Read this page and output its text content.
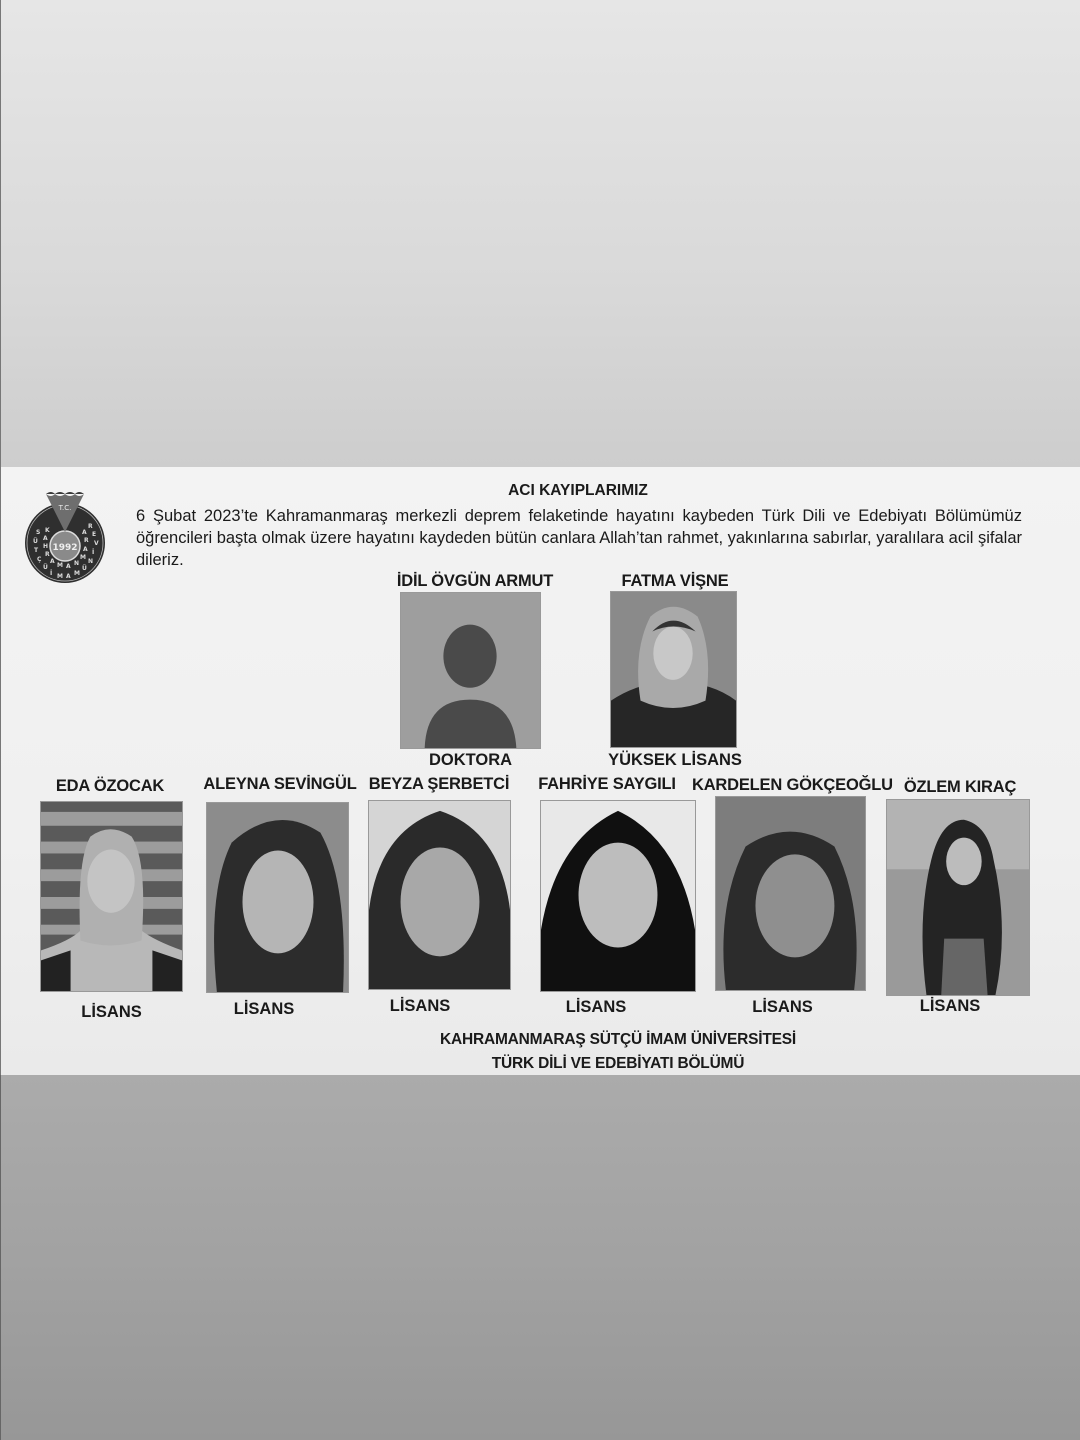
T.C.
1992
S
Ü
T
Ç
Ü
İ M A M
Ü
N
İ
V
E
R
K
A
H
R
A
M A N
M
A
R
A
ACI KAYIPLARIMIZ
6 Şubat 2023’te Kahramanmaraş merkezli deprem felaketinde hayatını kaybeden Türk Dili ve Edebiyatı Bölümümüz öğrencileri başta olmak üzere hayatını kaydeden bütün canlara Allah’tan rahmet, yakınlarına sabırlar, yaralılara acil şifalar dileriz.
İDİL ÖVGÜN ARMUT
DOKTORA
FATMA VİŞNE
YÜKSEK LİSANS
EDA ÖZOCAK	ALEYNA SEVİNGÜL BEYZA ŞERBETCİ	FAHRİYE SAYGILI KARDELEN GÖKÇEOĞLU ÖZLEM KIRAÇ
LİSANS	LİSANS	LİSANS	LİSANS	LİSANS	LİSANS
KAHRAMANMARAŞ SÜTÇÜ İMAM ÜNİVERSİTESİ
TÜRK DİLİ VE EDEBİYATI BÖLÜMÜ
